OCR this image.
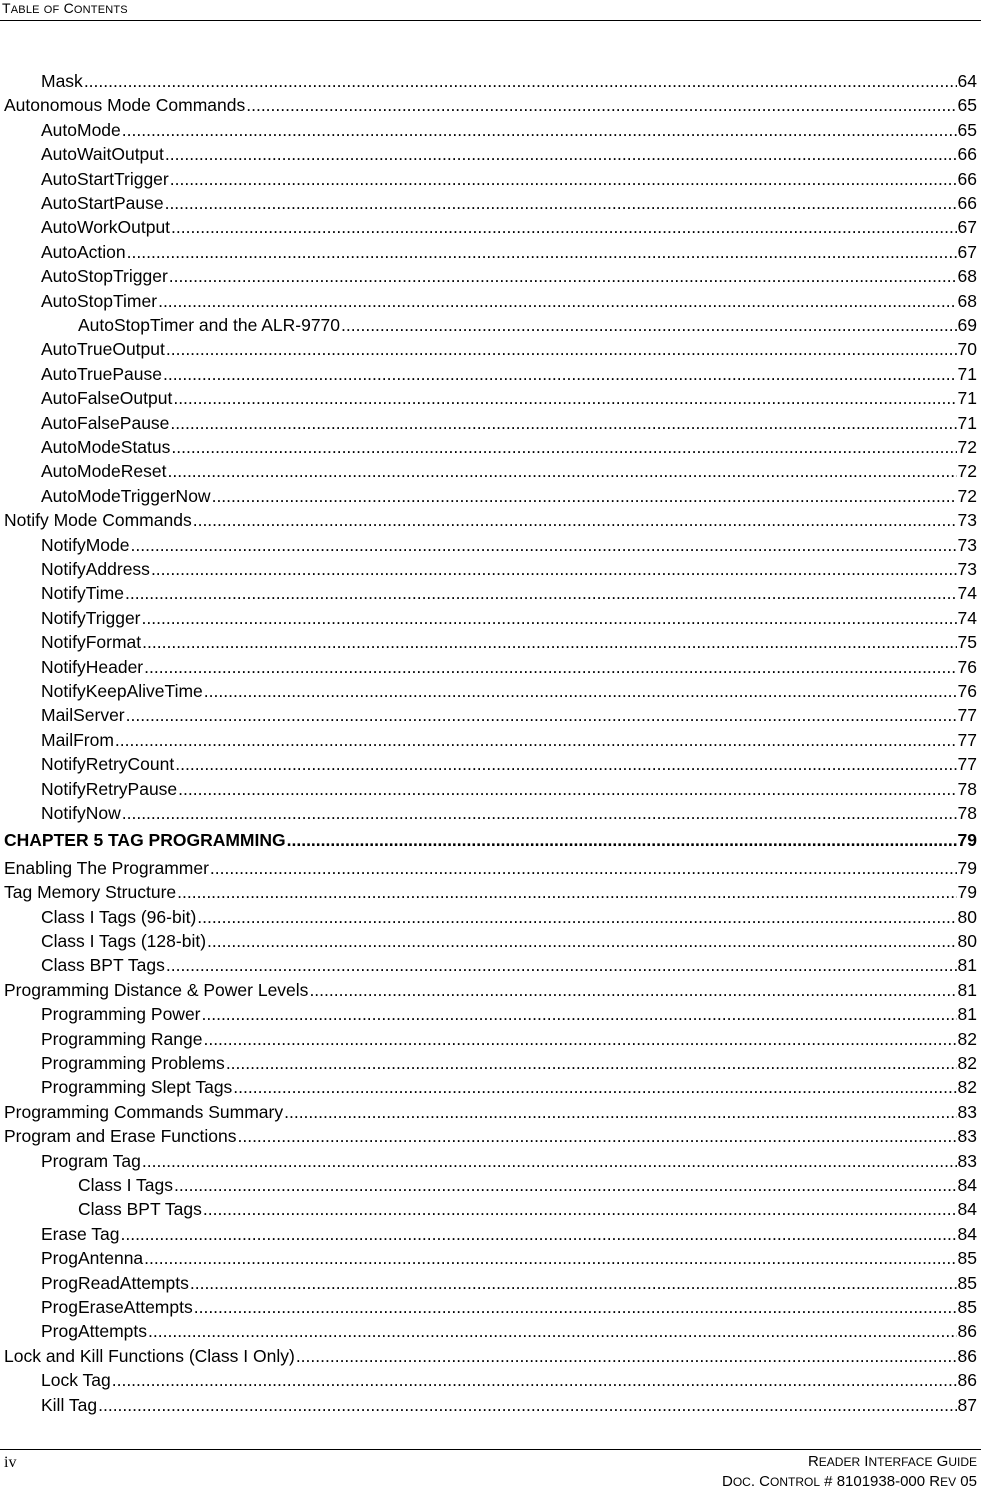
TABLE OF CONTENTS
Mask .....	64
Autonomous Mode Commands .....	65
AutoMode .....	65
AutoWaitOutput .....	66
AutoStartTrigger .....	66
AutoStartPause .....	66
AutoWorkOutput .....	67
AutoAction .....	67
AutoStopTrigger .....	68
AutoStopTimer .....	68
AutoStopTimer and the ALR-9770 .....	69
AutoTrueOutput .....	70
AutoTruePause .....	71
AutoFalseOutput .....	71
AutoFalsePause .....	71
AutoModeStatus .....	72
AutoModeReset .....	72
AutoModeTriggerNow .....	72
Notify Mode Commands .....	73
NotifyMode .....	73
NotifyAddress .....	73
NotifyTime .....	74
NotifyTrigger .....	74
NotifyFormat .....	75
NotifyHeader .....	76
NotifyKeepAliveTime .....	76
MailServer .....	77
MailFrom .....	77
NotifyRetryCount .....	77
NotifyRetryPause .....	78
NotifyNow .....	78
CHAPTER 5 TAG PROGRAMMING .....	79
Enabling The Programmer .....	79
Tag Memory Structure .....	79
Class I Tags (96-bit) .....	80
Class I Tags (128-bit) .....	80
Class BPT Tags .....	81
Programming Distance & Power Levels .....	81
Programming Power .....	81
Programming Range .....	82
Programming Problems .....	82
Programming Slept Tags .....	82
Programming Commands Summary .....	83
Program and Erase Functions .....	83
Program Tag .....	83
Class I Tags .....	84
Class BPT Tags .....	84
Erase Tag .....	84
ProgAntenna .....	85
ProgReadAttempts .....	85
ProgEraseAttempts .....	85
ProgAttempts .....	86
Lock and Kill Functions (Class I Only) .....	86
Lock Tag .....	86
Kill Tag .....	87
iv	READER INTERFACE GUIDE
DOC. CONTROL # 8101938-000 REV 05
